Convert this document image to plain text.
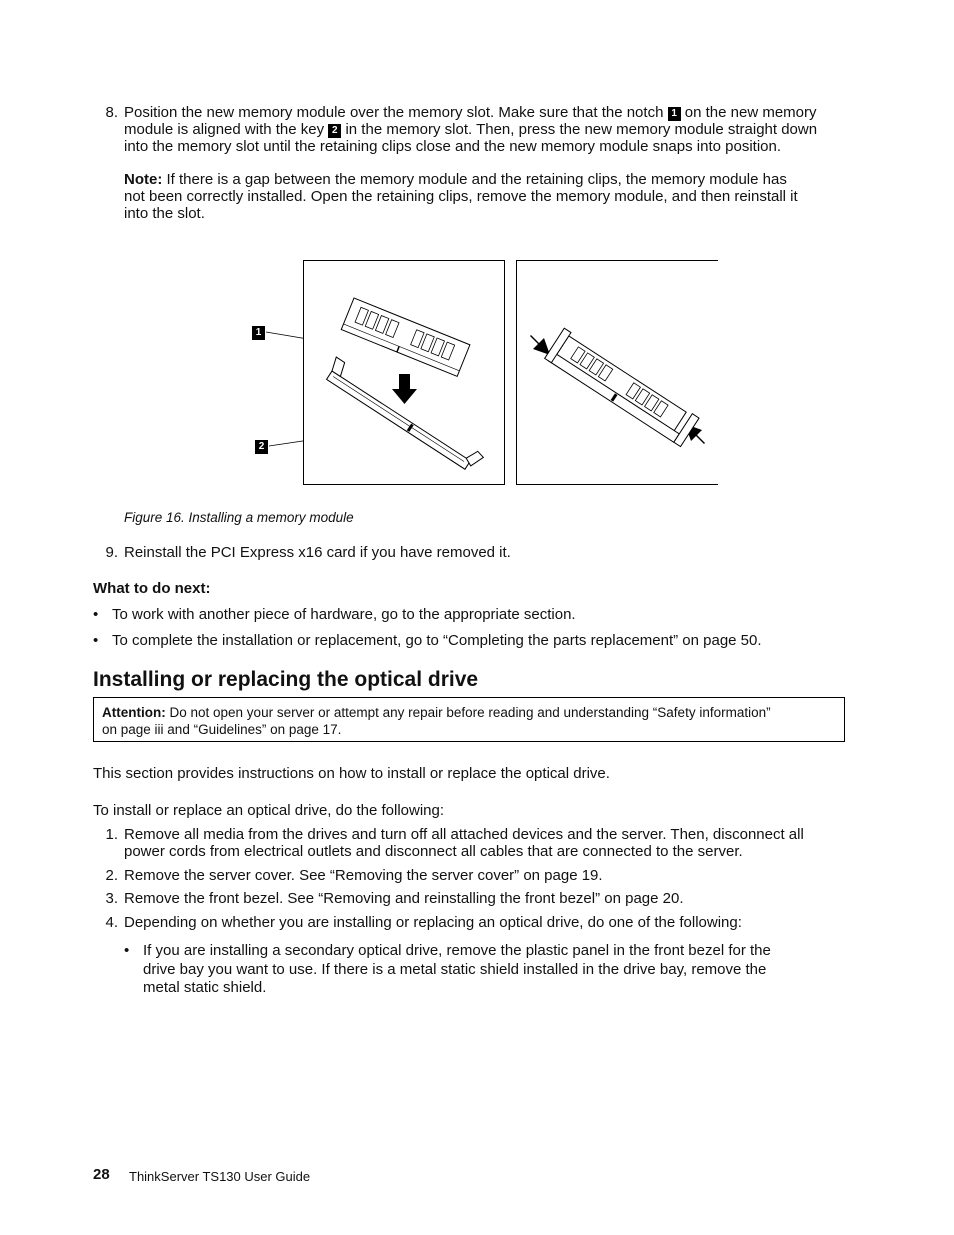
8. Position the new memory module over the memory slot. Make sure that the notch 1 on the new memory
module is aligned with the key 2 in the memory slot. Then, press the new memory module straight down
into the memory slot until the retaining clips close and the new memory module snaps into position.
Note: If there is a gap between the memory module and the retaining clips, the memory module has
not been correctly installed. Open the retaining clips, remove the memory module, and then reinstall it
into the slot.
1
2
Figure 16. Installing a memory module
9. Reinstall the PCI Express x16 card if you have removed it.
What to do next:
• To work with another piece of hardware, go to the appropriate section.
• To complete the installation or replacement, go to “Completing the parts replacement” on page 50.
Installing or replacing the optical drive
Attention: Do not open your server or attempt any repair before reading and understanding “Safety information”
on page iii and “Guidelines” on page 17.
This section provides instructions on how to install or replace the optical drive.
To install or replace an optical drive, do the following:
1. Remove all media from the drives and turn off all attached devices and the server. Then, disconnect all
power cords from electrical outlets and disconnect all cables that are connected to the server.
2. Remove the server cover. See “Removing the server cover” on page 19.
3. Remove the front bezel. See “Removing and reinstalling the front bezel” on page 20.
4. Depending on whether you are installing or replacing an optical drive, do one of the following:
• If you are installing a secondary optical drive, remove the plastic panel in the front bezel for the
drive bay you want to use. If there is a metal static shield installed in the drive bay, remove the
metal static shield.
28 ThinkServer TS130 User Guide
